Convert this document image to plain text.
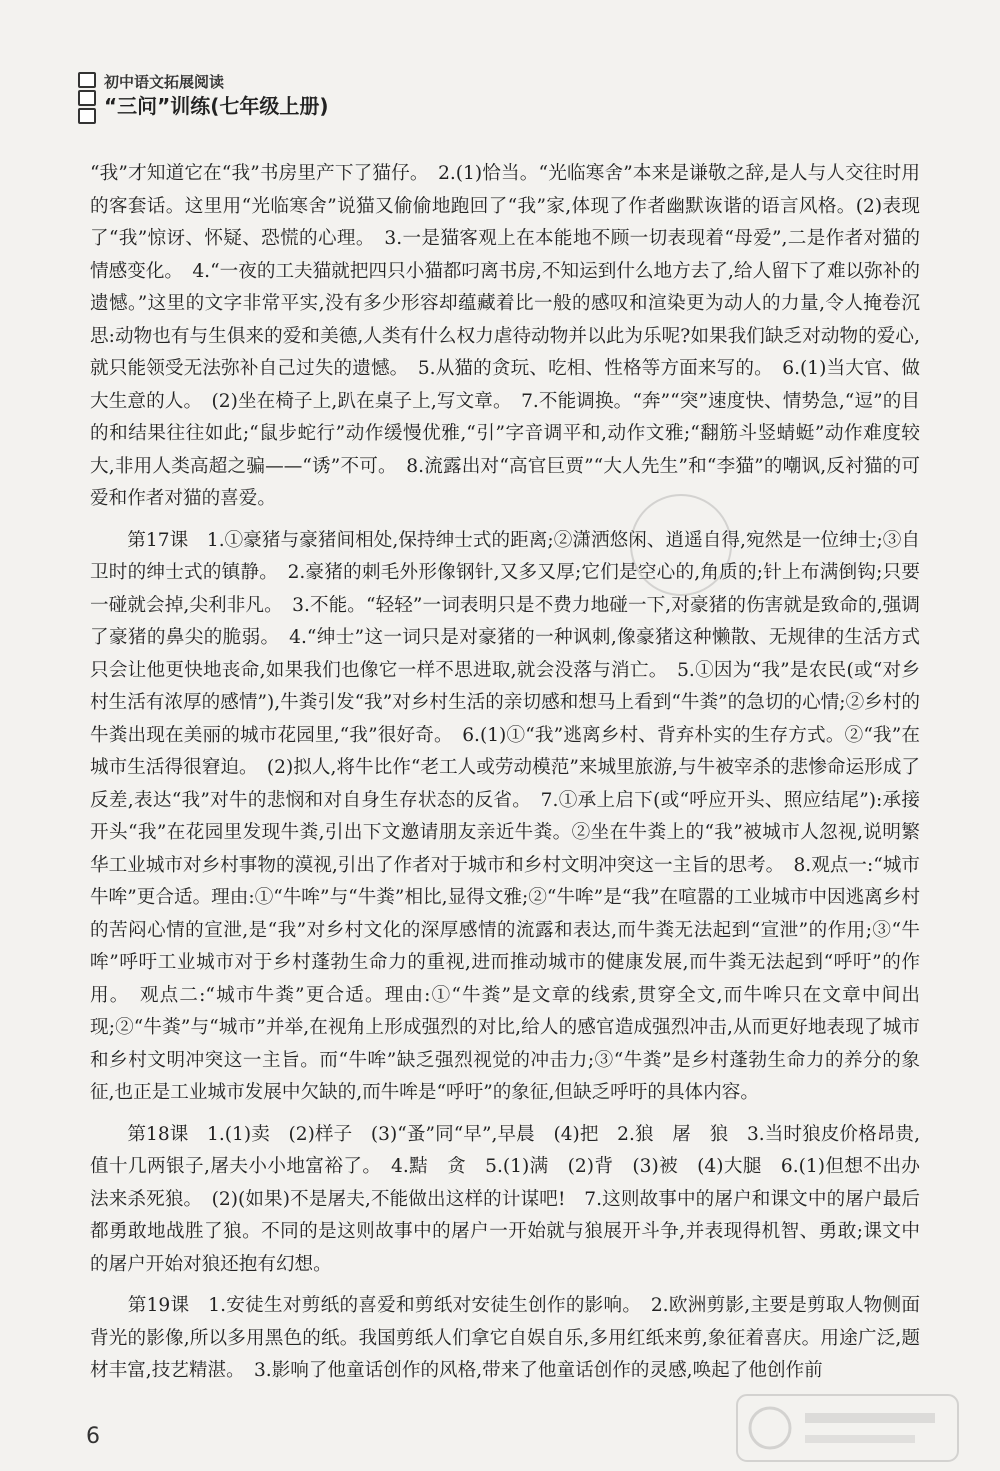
初中语文拓展阅读
“三问”训练(七年级上册)

“我”才知道它在“我”书房里产下了猫仔。　2.(1)恰当。“光临寒舍”本来是谦敬之辞,是人与人交往时用的客套话。这里用“光临寒舍”说猫又偷偷地跑回了“我”家,体现了作者幽默诙谐的语言风格。(2)表现了“我”惊讶、怀疑、恐慌的心理。　3.一是猫客观上在本能地不顾一切表现着“母爱”,二是作者对猫的情感变化。　4.“一夜的工夫猫就把四只小猫都叼离书房,不知运到什么地方去了,给人留下了难以弥补的遗憾。”这里的文字非常平实,没有多少形容却蕴藏着比一般的感叹和渲染更为动人的力量,令人掩卷沉思:动物也有与生俱来的爱和美德,人类有什么权力虐待动物并以此为乐呢?如果我们缺乏对动物的爱心,就只能领受无法弥补自己过失的遗憾。　5.从猫的贪玩、吃相、性格等方面来写的。　6.(1)当大官、做大生意的人。　(2)坐在椅子上,趴在桌子上,写文章。　7.不能调换。“奔”“突”速度快、情势急,“逗”的目的和结果往往如此;“鼠步蛇行”动作缓慢优雅,“引”字音调平和,动作文雅;“翻筋斗竖蜻蜓”动作难度较大,非用人类高超之骗——“诱”不可。　8.流露出对“高官巨贾”“大人先生”和“李猫”的嘲讽,反衬猫的可爱和作者对猫的喜爱。

　　第17课　1.①豪猪与豪猪间相处,保持绅士式的距离;②潇洒悠闲、逍遥自得,宛然是一位绅士;③自卫时的绅士式的镇静。　2.豪猪的刺毛外形像钢针,又多又厚;它们是空心的,角质的;针上布满倒钩;只要一碰就会掉,尖利非凡。　3.不能。“轻轻”一词表明只是不费力地碰一下,对豪猪的伤害就是致命的,强调了豪猪的鼻尖的脆弱。　4.“绅士”这一词只是对豪猪的一种讽刺,像豪猪这种懒散、无规律的生活方式只会让他更快地丧命,如果我们也像它一样不思进取,就会没落与消亡。　5.①因为“我”是农民(或“对乡村生活有浓厚的感情”),牛粪引发“我”对乡村生活的亲切感和想马上看到“牛粪”的急切的心情;②乡村的牛粪出现在美丽的城市花园里,“我”很好奇。　6.(1)①“我”逃离乡村、背弃朴实的生存方式。②“我”在城市生活得很窘迫。　(2)拟人,将牛比作“老工人或劳动模范”来城里旅游,与牛被宰杀的悲惨命运形成了反差,表达“我”对牛的悲悯和对自身生存状态的反省。　7.①承上启下(或“呼应开头、照应结尾”):承接开头“我”在花园里发现牛粪,引出下文邀请朋友亲近牛粪。②坐在牛粪上的“我”被城市人忽视,说明繁华工业城市对乡村事物的漠视,引出了作者对于城市和乡村文明冲突这一主旨的思考。　8.观点一:“城市牛哞”更合适。理由:①“牛哞”与“牛粪”相比,显得文雅;②“牛哞”是“我”在喧嚣的工业城市中因逃离乡村的苦闷心情的宣泄,是“我”对乡村文化的深厚感情的流露和表达,而牛粪无法起到“宣泄”的作用;③“牛哞”呼吁工业城市对于乡村蓬勃生命力的重视,进而推动城市的健康发展,而牛粪无法起到“呼吁”的作用。　观点二:“城市牛粪”更合适。理由:①“牛粪”是文章的线索,贯穿全文,而牛哞只在文章中间出现;②“牛粪”与“城市”并举,在视角上形成强烈的对比,给人的感官造成强烈冲击,从而更好地表现了城市和乡村文明冲突这一主旨。而“牛哞”缺乏强烈视觉的冲击力;③“牛粪”是乡村蓬勃生命力的养分的象征,也正是工业城市发展中欠缺的,而牛哞是“呼吁”的象征,但缺乏呼吁的具体内容。

　　第18课　1.(1)卖　(2)样子　(3)“蚤”同“早”,早晨　(4)把　2.狼　屠　狼　3.当时狼皮价格昂贵,值十几两银子,屠夫小小地富裕了。　4.黠　贪　5.(1)满　(2)背　(3)被　(4)大腿　6.(1)但想不出办法来杀死狼。　(2)(如果)不是屠夫,不能做出这样的计谋吧!　7.这则故事中的屠户和课文中的屠户最后都勇敢地战胜了狼。不同的是这则故事中的屠户一开始就与狼展开斗争,并表现得机智、勇敢;课文中的屠户开始对狼还抱有幻想。

　　第19课　1.安徒生对剪纸的喜爱和剪纸对安徒生创作的影响。　2.欧洲剪影,主要是剪取人物侧面背光的影像,所以多用黑色的纸。我国剪纸人们拿它自娱自乐,多用红纸来剪,象征着喜庆。用途广泛,题材丰富,技艺精湛。　3.影响了他童话创作的风格,带来了他童话创作的灵感,唤起了他创作前

6
